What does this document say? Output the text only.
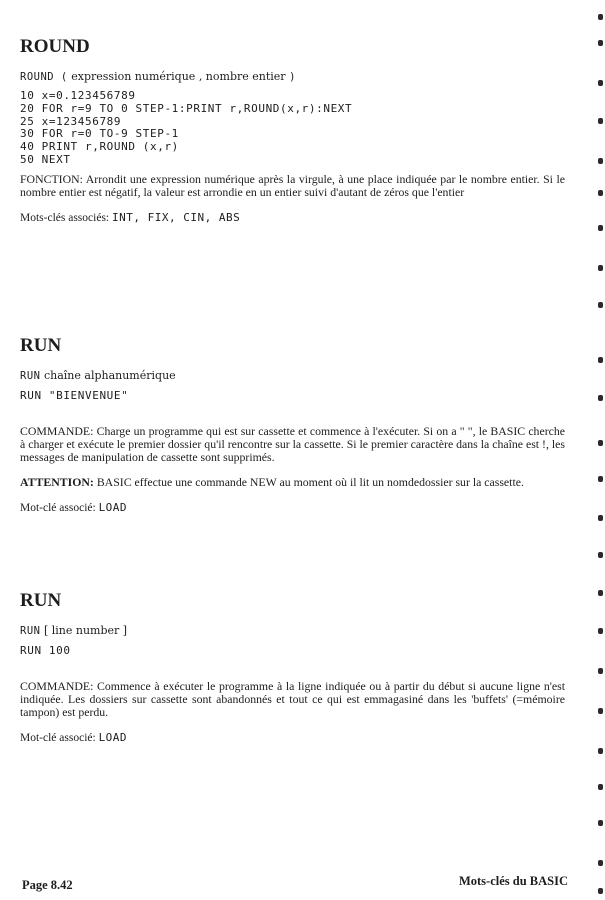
ROUND
ROUND ( expression numérique , nombre entier )
10 x=0.123456789
20 FOR r=9 TO 0 STEP-1:PRINT r,ROUND(x,r):NEXT
25 x=123456789
30 FOR r=0 TO-9 STEP-1
40 PRINT r,ROUND (x,r)
50 NEXT

FONCTION: Arrondit une expression numérique après la virgule, à une place indiquée par le nombre entier. Si le nombre entier est négatif, la valeur est arrondie en un entier suivi d'autant de zéros que l'entier

Mots-clés associés: INT, FIX, CIN, ABS
RUN
RUN chaîne alphanumérique
RUN "BIENVENUE"

COMMANDE: Charge un programme qui est sur cassette et commence à l'exécuter. Si on a " ", le BASIC cherche à charger et exécute le premier dossier qu'il rencontre sur la cassette. Si le premier caractère dans la chaîne est !, les messages de manipulation de cassette sont supprimés.

ATTENTION: BASIC effectue une commande NEW au moment où il lit un nomdedossier sur la cassette.

Mot-clé associé: LOAD
RUN
RUN [ line number ]
RUN 100

COMMANDE: Commence à exécuter le programme à la ligne indiquée ou à partir du début si aucune ligne n'est indiquée. Les dossiers sur cassette sont abandonnés et tout ce qui est emmagasiné dans les 'buffets' (=mémoire tampon) est perdu.

Mot-clé associé: LOAD
Page 8.42	Mots-clés du BASIC
